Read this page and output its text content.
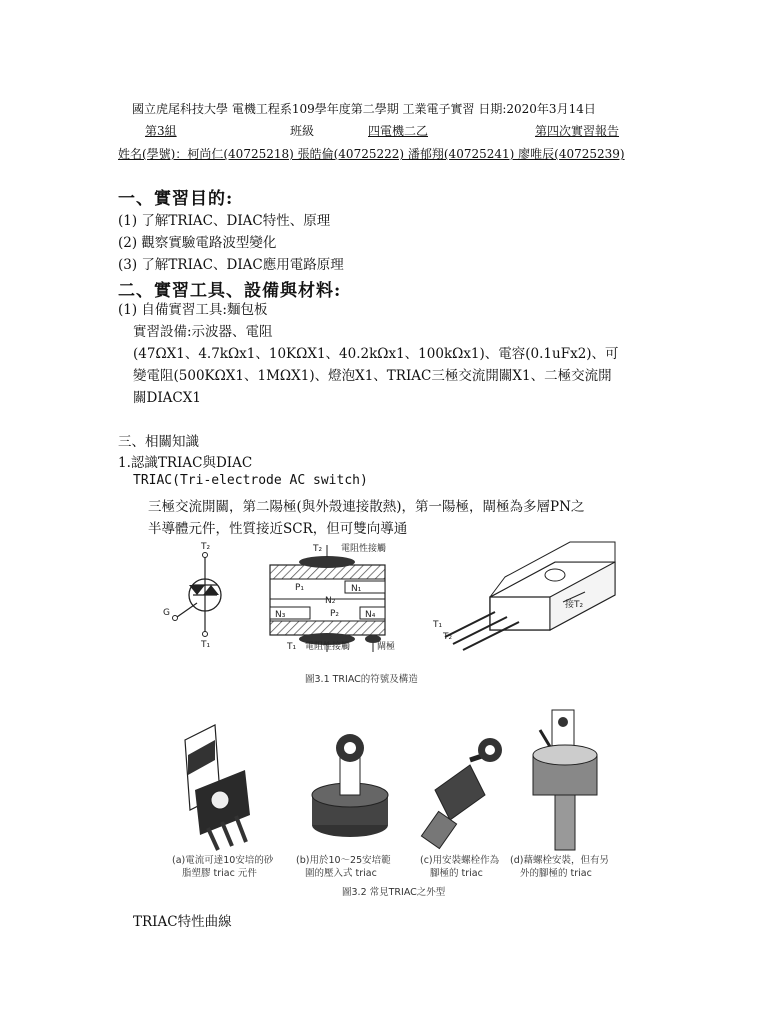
國立虎尾科技大學 電機工程系109學年度第二學期 工業電子實習 日期:2020年3月14日
第3組	班級	四電機二乙	第四次實習報告
姓名(學號)：柯尚仁(40725218) 張皓倫(40725222) 潘郁翔(40725241) 廖唯辰(40725239)
一、實習目的:
(1) 了解TRIAC、DIAC特性、原理
(2) 觀察實驗電路波型變化
(3) 了解TRIAC、DIAC應用電路原理
二、實習工具、設備與材料:
(1) 自備實習工具:麵包板
實習設備:示波器、電阻
(47ΩX1、4.7kΩx1、10KΩX1、40.2kΩx1、100kΩx1)、電容(0.1uFx2)、可
變電阻(500KΩX1、1MΩX1)、燈泡X1、TRIAC三極交流開關X1、二極交流開
關DIACX1
三、相關知識
1.認識TRIAC與DIAC
TRIAC(Tri-electrode AC switch)
三極交流開關，第二陽極(與外殼連接散熱)，第一陽極，閘極為多層PN之
半導體元件，性質接近SCR，但可雙向導通
T₂
T₁
G
T₂ 電阻性接觸
N₁
P₁
N₂
N₃	P₂	N₄
T₁ 電阻性接觸	閘極
T₁
T₂
接T₂
圖3.1 TRIAC的符號及構造
(a)電流可達10安培的砂
脂塑膠 triac 元件
(b)用於10～25安培範
圍的壓入式 triac
(c)用安裝螺栓作為
腳極的 triac
(d)藉螺栓安裝，但有另
外的腳極的 triac
圖3.2 常見TRIAC之外型
TRIAC特性曲線
